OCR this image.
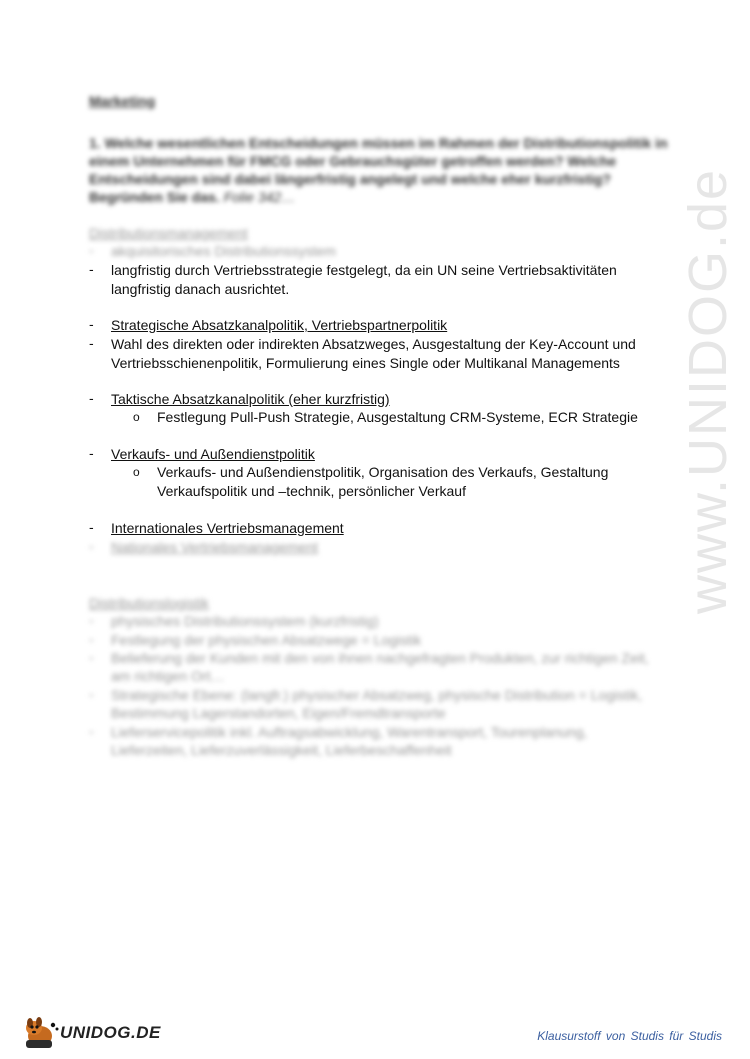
www.UNIDOG.de
Marketing
1. Welche wesentlichen Entscheidungen müssen im Rahmen der Distributionspolitik in
einem Unternehmen für FMCG oder Gebrauchsgüter getroffen werden? Welche
Entscheidungen sind dabei längerfristig angelegt und welche eher kurzfristig?
Begründen Sie das. Folie 342…
Distributionsmanagement
- akquisitorisches Distributionssystem
- langfristig durch Vertriebsstrategie festgelegt, da ein UN seine Vertriebsaktivitäten
langfristig danach ausrichtet.
- Strategische Absatzkanalpolitik, Vertriebspartnerpolitik
- Wahl des direkten oder indirekten Absatzweges, Ausgestaltung der Key-Account und
Vertriebsschienenpolitik, Formulierung eines Single oder Multikanal Managements
- Taktische Absatzkanalpolitik (eher kurzfristig)
o Festlegung Pull-Push Strategie, Ausgestaltung CRM-Systeme, ECR Strategie
- Verkaufs- und Außendienstpolitik
o Verkaufs- und Außendienstpolitik, Organisation des Verkaufs, Gestaltung
Verkaufspolitik und –technik, persönlicher Verkauf
- Internationales Vertriebsmanagement
- Nationales Vertriebsmanagement
Distributionslogistik
- physisches Distributionssystem (kurzfristig)
- Festlegung der physischen Absatzwege = Logistik
- Belieferung der Kunden mit den von ihnen nachgefragten Produkten, zur richtigen Zeit,
am richtigen Ort…
- Strategische Ebene: (langfr.) physischer Absatzweg, physische Distribution = Logistik,
Bestimmung Lagerstandorten, Eigen/Fremdtransporte
- Lieferservicepolitik inkl. Auftragsabwicklung, Warentransport, Tourenplanung,
Lieferzeiten, Lieferzuverlässigkeit, Lieferbeschaffenheit
UNIDOG.DE	Klausurstoff von Studis für Studis
